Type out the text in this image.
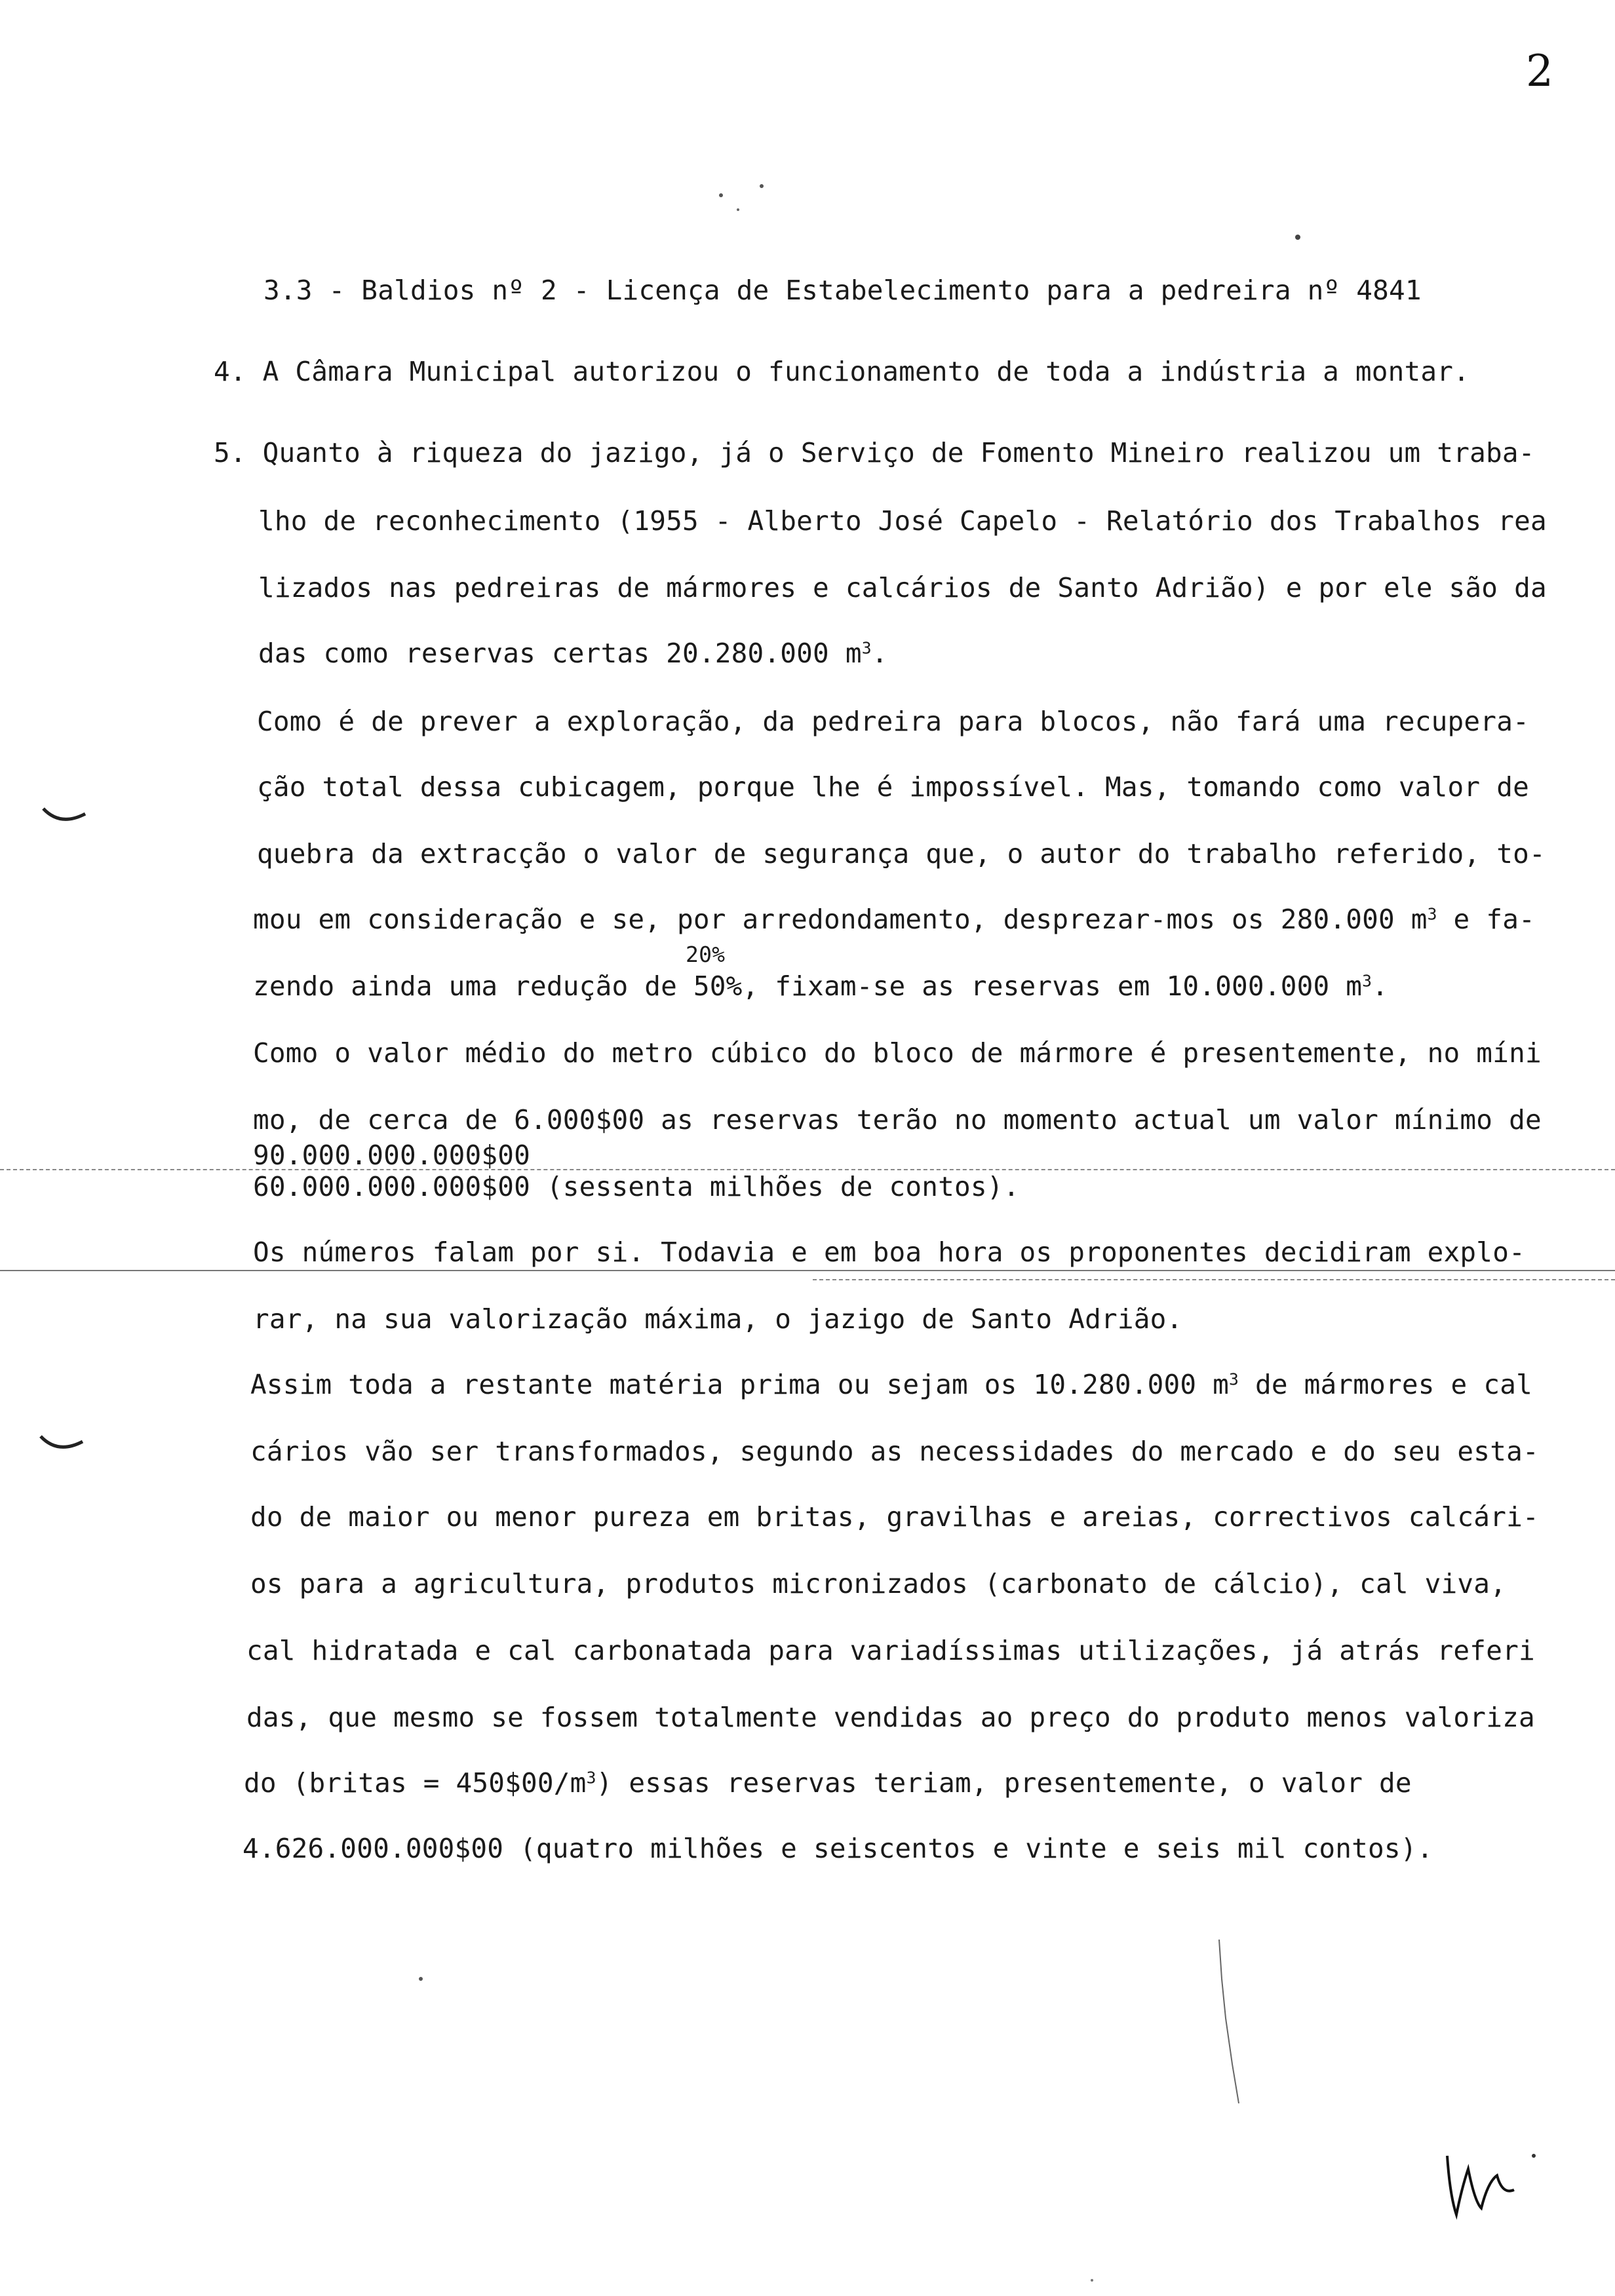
2
3.3 - Baldios nº 2 - Licença de Estabelecimento para a pedreira nº 4841
4. A Câmara Municipal autorizou o funcionamento de toda a indústria a montar.
5. Quanto à riqueza do jazigo, já o Serviço de Fomento Mineiro realizou um traba-
lho de reconhecimento (1955 - Alberto José Capelo - Relatório dos Trabalhos rea
lizados nas pedreiras de mármores e calcários de Santo Adrião) e por ele são da
das como reservas certas 20.280.000 $m^3$.
Como é de prever a exploração, da pedreira para blocos, não fará uma recupera-
ção total dessa cubicagem, porque lhe é impossível. Mas, tomando como valor de
quebra da extracção o valor de segurança que, o autor do trabalho referido, to-
mou em consideração e se, por arredondamento, desprezar-mos os 280.000 $m^3$ e fa-
20%
zendo ainda uma redução de 50%, fixam-se as reservas em 10.000.000 $m^3$.
Como o valor médio do metro cúbico do bloco de mármore é presentemente, no míni
mo, de cerca de 6.000$00 as reservas terão no momento actual um valor mínimo de
90.000.000.000$00
60.000.000.000$00 (sessenta milhões de contos).
Os números falam por si. Todavia e em boa hora os proponentes decidiram explo-
rar, na sua valorização máxima, o jazigo de Santo Adrião.
Assim toda a restante matéria prima ou sejam os 10.280.000 $m^3$ de mármores e cal
cários vão ser transformados, segundo as necessidades do mercado e do seu esta-
do de maior ou menor pureza em britas, gravilhas e areias, correctivos calcári-
os para a agricultura, produtos micronizados (carbonato de cálcio), cal viva,
cal hidratada e cal carbonatada para variadíssimas utilizações, já atrás referi
das, que mesmo se fossem totalmente vendidas ao preço do produto menos valoriza
do (britas = $450\$00/m^3$) essas reservas teriam, presentemente, o valor de
4.626.000.000$00 (quatro milhões e seiscentos e vinte e seis mil contos).
